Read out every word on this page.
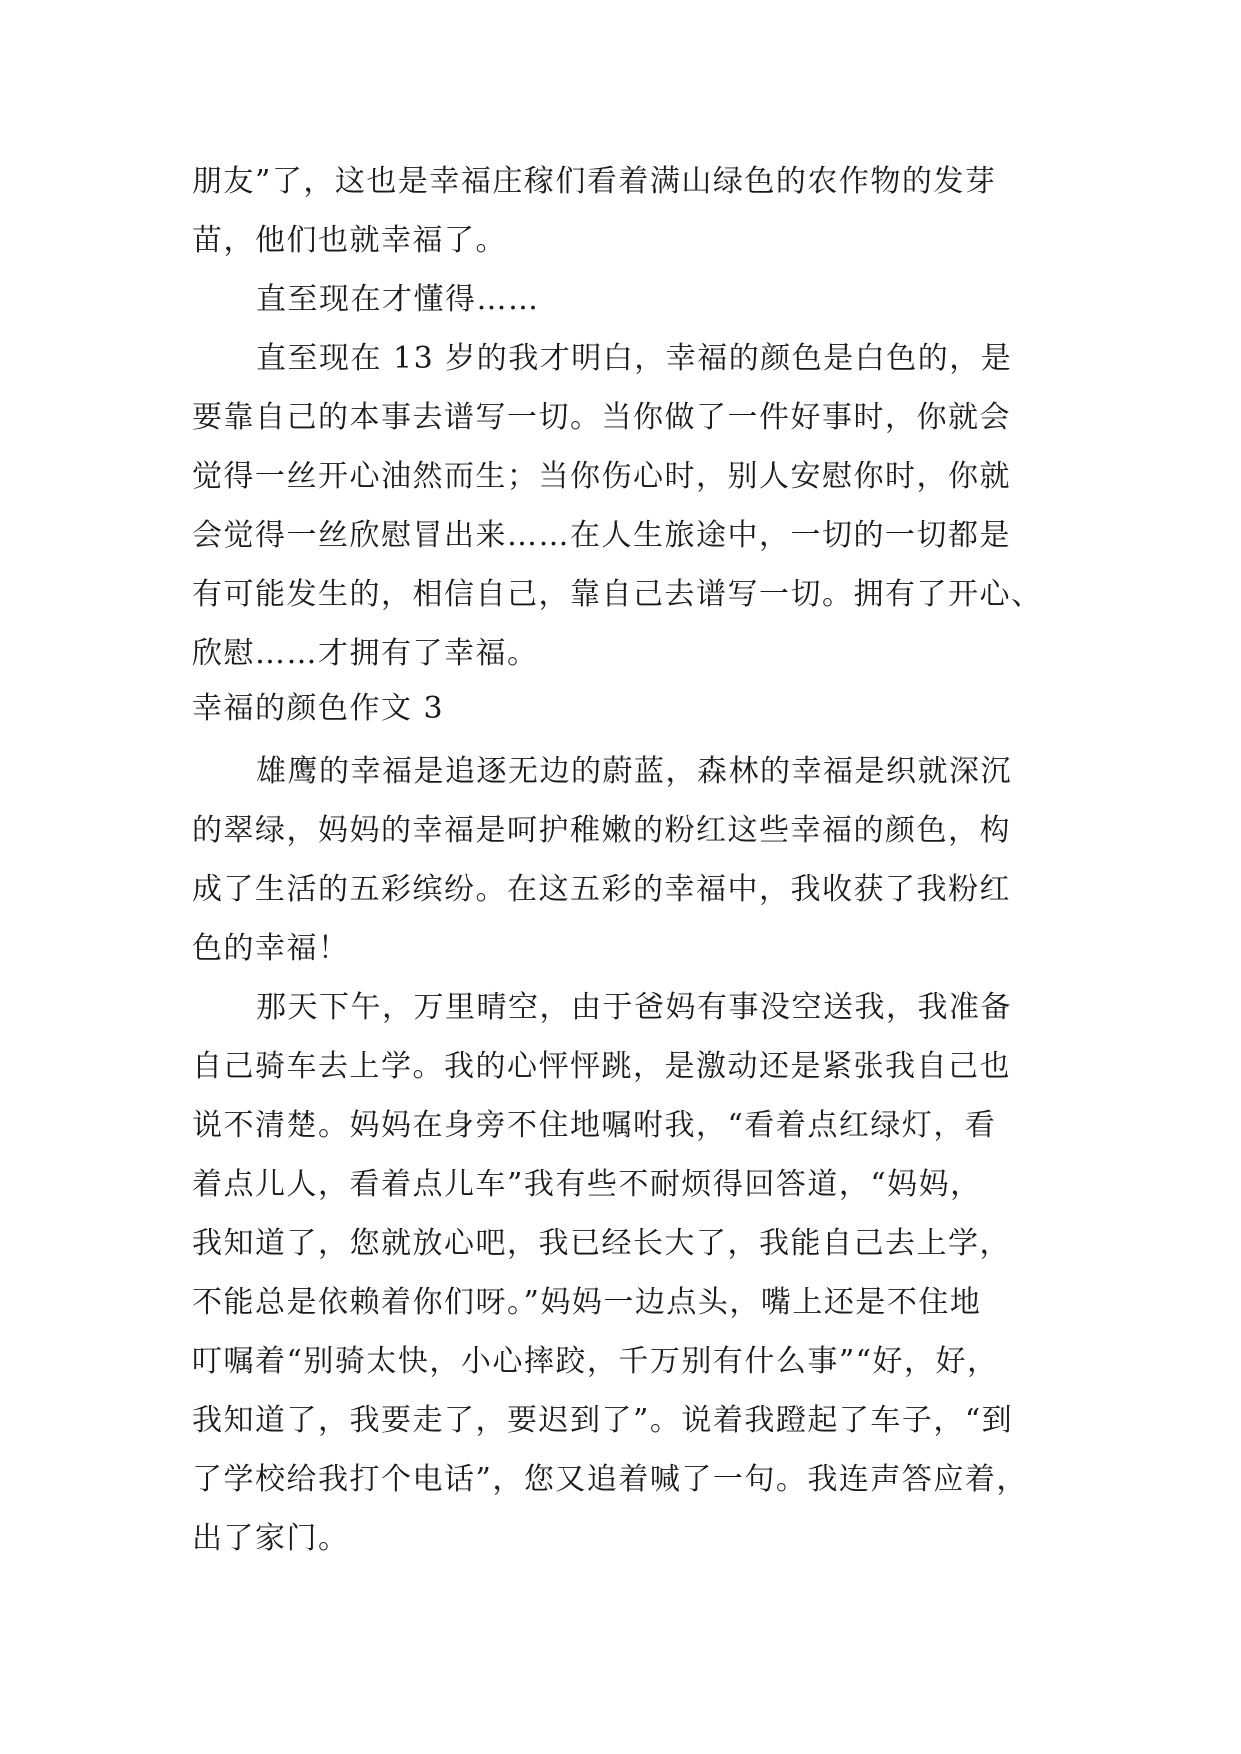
朋友”了，这也是幸福庄稼们看着满山绿色的农作物的发芽
苗，他们也就幸福了。
直至现在才懂得……
直至现在 13 岁的我才明白，幸福的颜色是白色的，是
要靠自己的本事去谱写一切。当你做了一件好事时，你就会
觉得一丝开心油然而生；当你伤心时，别人安慰你时，你就
会觉得一丝欣慰冒出来……在人生旅途中，一切的一切都是
有可能发生的，相信自己，靠自己去谱写一切。拥有了开心、
欣慰……才拥有了幸福。
幸福的颜色作文 3
雄鹰的幸福是追逐无边的蔚蓝，森林的幸福是织就深沉
的翠绿，妈妈的幸福是呵护稚嫩的粉红这些幸福的颜色，构
成了生活的五彩缤纷。在这五彩的幸福中，我收获了我粉红
色的幸福！
那天下午，万里晴空，由于爸妈有事没空送我，我准备
自己骑车去上学。我的心怦怦跳，是激动还是紧张我自己也
说不清楚。妈妈在身旁不住地嘱咐我，“看着点红绿灯，看
着点儿人，看着点儿车”我有些不耐烦得回答道，“妈妈，
我知道了，您就放心吧，我已经长大了，我能自己去上学，
不能总是依赖着你们呀。”妈妈一边点头，嘴上还是不住地
叮嘱着“别骑太快，小心摔跤，千万别有什么事”“好，好，
我知道了，我要走了，要迟到了”。说着我蹬起了车子，“到
了学校给我打个电话”，您又追着喊了一句。我连声答应着，
出了家门。
